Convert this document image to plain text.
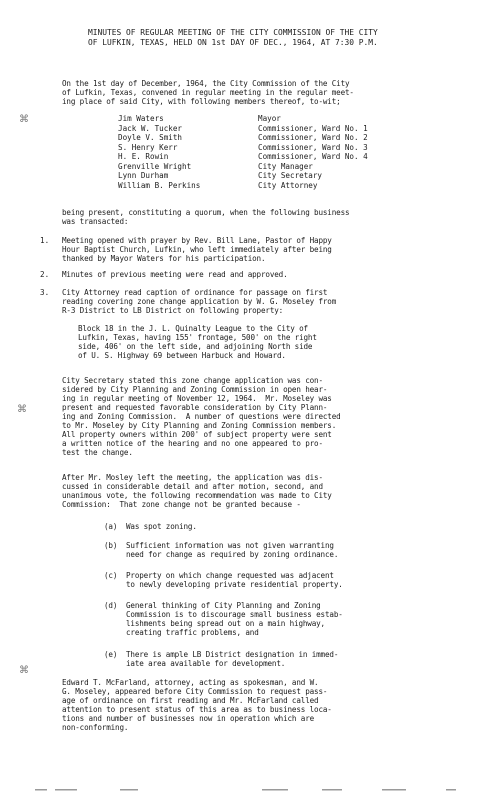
MINUTES OF REGULAR MEETING OF THE CITY COMMISSION OF THE CITY
OF LUFKIN, TEXAS, HELD ON 1st DAY OF DEC., 1964, AT 7:30 P.M.
On the 1st day of December, 1964, the City Commission of the City
of Lufkin, Texas, convened in regular meeting in the regular meet-
ing place of said City, with following members thereof, to-wit;
Jim Waters	Mayor
Jack W. Tucker	Commissioner, Ward No. 1
Doyle V. Smith	Commissioner, Ward No. 2
S. Henry Kerr	Commissioner, Ward No. 3
H. E. Rowin	Commissioner, Ward No. 4
Grenville Wright	City Manager
Lynn Durham	City Secretary
William B. Perkins	City Attorney
being present, constituting a quorum, when the following business
was transacted:
1. Meeting opened with prayer by Rev. Bill Lane, Pastor of Happy
Hour Baptist Church, Lufkin, who left immediately after being
thanked by Mayor Waters for his participation.
2. Minutes of previous meeting were read and approved.
3. City Attorney read caption of ordinance for passage on first
reading covering zone change application by W. G. Moseley from
R-3 District to LB District on following property:
Block 18 in the J. L. Quinalty League to the City of
Lufkin, Texas, having 155' frontage, 500' on the right
side, 406' on the left side, and adjoining North side
of U. S. Highway 69 between Harbuck and Howard.
City Secretary stated this zone change application was con-
sidered by City Planning and Zoning Commission in open hear-
ing in regular meeting of November 12, 1964.  Mr. Moseley was
present and requested favorable consideration by City Plann-
ing and Zoning Commission.  A number of questions were directed
to Mr. Moseley by City Planning and Zoning Commission members.
All property owners within 200' of subject property were sent
a written notice of the hearing and no one appeared to pro-
test the change.
After Mr. Mosley left the meeting, the application was dis-
cussed in considerable detail and after motion, second, and
unanimous vote, the following recommendation was made to City
Commission:  That zone change not be granted because -
(a) Was spot zoning.
(b) Sufficient information was not given warranting
need for change as required by zoning ordinance.
(c) Property on which change requested was adjacent
to newly developing private residential property.
(d) General thinking of City Planning and Zoning
Commission is to discourage small business estab-
lishments being spread out on a main highway,
creating traffic problems, and
(e) There is ample LB District designation in immed-
iate area available for development.
Edward T. McFarland, attorney, acting as spokesman, and W.
G. Moseley, appeared before City Commission to request pass-
age of ordinance on first reading and Mr. McFarland called
attention to present status of this area as to business loca-
tions and number of businesses now in operation which are
non-conforming.
⌘
⌘
⌘
